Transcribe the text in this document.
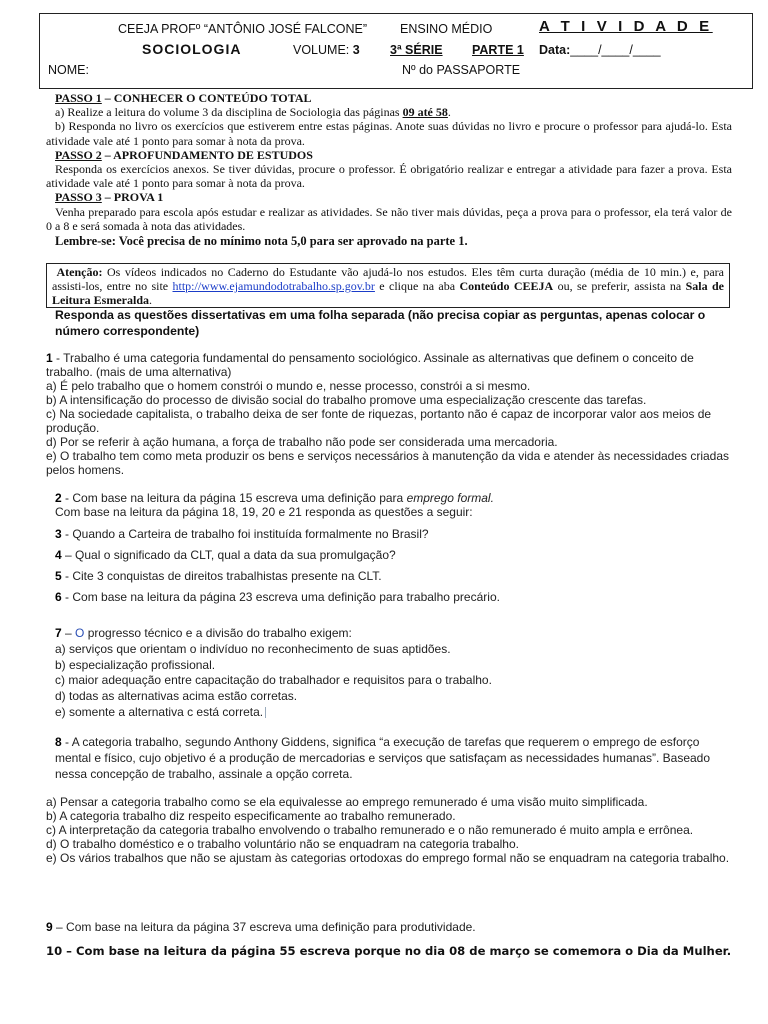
CEEJA PROFº “ANTÔNIO JOSÉ FALCONE”	ENSINO MÉDIO	A T I V I D A D E
SOCIOLOGIA	VOLUME: 3 3ª SÉRIE PARTE 1 Data:____/____/____
NOME:	Nº do PASSAPORTE

PASSO 1 – CONHECER O CONTEÚDO TOTAL

a) Realize a leitura do volume 3 da disciplina de Sociologia das páginas 09 até 58.

b) Responda no livro os exercícios que estiverem entre estas páginas. Anote suas dúvidas no livro e procure o professor para ajudá-lo. Esta atividade vale até 1 ponto para somar à nota da prova.

PASSO 2 – APROFUNDAMENTO DE ESTUDOS

Responda os exercícios anexos. Se tiver dúvidas, procure o professor. É obrigatório realizar e entregar a atividade para fazer a prova. Esta atividade vale até 1 ponto para somar à nota da prova.

PASSO 3 – PROVA 1

Venha preparado para escola após estudar e realizar as atividades. Se não tiver mais dúvidas, peça a prova para o professor, ela terá valor de 0 a 8 e será somada à nota das atividades.

Lembre-se: Você precisa de no mínimo nota 5,0 para ser aprovado na parte 1.

Atenção: Os vídeos indicados no Caderno do Estudante vão ajudá-lo nos estudos. Eles têm curta duração (média de 10 min.) e, para assisti-los, entre no site http://www.ejamundodotrabalho.sp.gov.br e clique na aba Conteúdo CEEJA ou, se preferir, assista na Sala de Leitura Esmeralda.
Responda as questões dissertativas em uma folha separada (não precisa copiar as perguntas, apenas colocar o número correspondente)
1 - Trabalho é uma categoria fundamental do pensamento sociológico. Assinale as alternativas que definem o conceito de trabalho. (mais de uma alternativa)
a) É pelo trabalho que o homem constrói o mundo e, nesse processo, constrói a si mesmo.
b) A intensificação do processo de divisão social do trabalho promove uma especialização crescente das tarefas.
c) Na sociedade capitalista, o trabalho deixa de ser fonte de riquezas, portanto não é capaz de incorporar valor aos meios de produção.
d) Por se referir à ação humana, a força de trabalho não pode ser considerada uma mercadoria.
e) O trabalho tem como meta produzir os bens e serviços necessários à manutenção da vida e atender às necessidades criadas pelos homens.
2 - Com base na leitura da página 15 escreva uma definição para emprego formal.
Com base na leitura da página 18, 19, 20 e 21 responda as questões a seguir:
3 - Quando a Carteira de trabalho foi instituída formalmente no Brasil?
4 – Qual o significado da CLT, qual a data da sua promulgação?
5 - Cite 3 conquistas de direitos trabalhistas presente na CLT.
6 - Com base na leitura da página 23 escreva uma definição para trabalho precário.
7 – O progresso técnico e a divisão do trabalho exigem:
a) serviços que orientam o indivíduo no reconhecimento de suas aptidões.
b) especialização profissional.
c) maior adequação entre capacitação do trabalhador e requisitos para o trabalho.
d) todas as alternativas acima estão corretas.
e) somente a alternativa c está correta.
8 - A categoria trabalho, segundo Anthony Giddens, significa “a execução de tarefas que requerem o emprego de esforço mental e físico, cujo objetivo é a produção de mercadorias e serviços que satisfaçam as necessidades humanas”. Baseado nessa concepção de trabalho, assinale a opção correta.
a) Pensar a categoria trabalho como se ela equivalesse ao emprego remunerado é uma visão muito simplificada.
b) A categoria trabalho diz respeito especificamente ao trabalho remunerado.
c) A interpretação da categoria trabalho envolvendo o trabalho remunerado e o não remunerado é muito ampla e errônea.
d) O trabalho doméstico e o trabalho voluntário não se enquadram na categoria trabalho.
e) Os vários trabalhos que não se ajustam às categorias ortodoxas do emprego formal não se enquadram na categoria trabalho.
9 – Com base na leitura da página 37 escreva uma definição para produtividade.
10 – Com base na leitura da página 55 escreva porque no dia 08 de março se comemora o Dia da Mulher.
